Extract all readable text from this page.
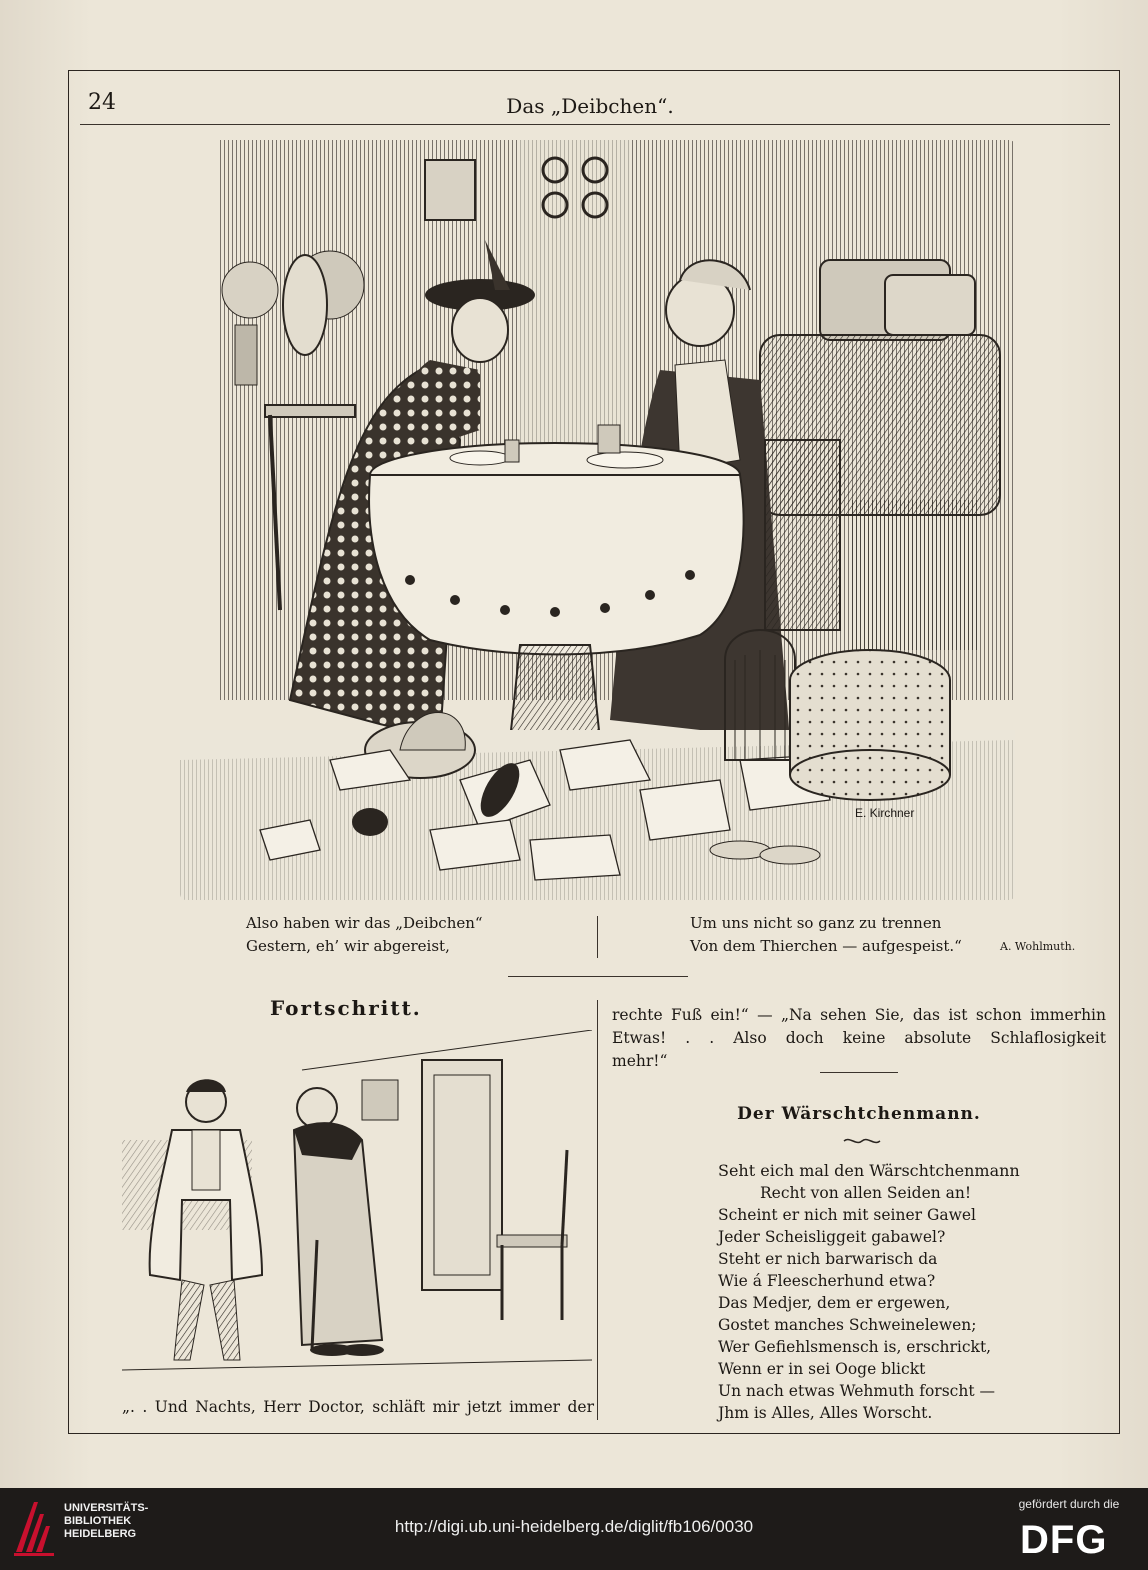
24	Das „Deibchen“.
E. Kirchner
Also haben wir das „Deibchen“
Gestern, eh’ wir abgereist,
Um uns nicht so ganz zu trennen
Von dem Thierchen — aufgespeist.“	A. Wohlmuth.
Fortschritt.
„. . Und Nachts, Herr Doctor, schläft mir jetzt immer der
rechte Fuß ein!“ — „Na sehen Sie, das ist schon immerhin
Etwas! . . Also doch keine absolute Schlaflosigkeit
mehr!“
Der Wärschtchenmann.
Seht eich mal den Wärschtchenmann
Recht von allen Seiden an!
Scheint er nich mit seiner Gawel
Jeder Scheisliggeit gabawel?
Steht er nich barwarisch da
Wie á Fleescherhund etwa?
Das Medjer, dem er ergewen,
Gostet manches Schweinelewen;
Wer Gefiehlsmensch is, erschrickt,
Wenn er in sei Ooge blickt
Un nach etwas Wehmuth forscht —
Jhm is Alles, Alles Worscht.
UNIVERSITÄTS-
BIBLIOTHEK
HEIDELBERG	http://digi.ub.uni-heidelberg.de/diglit/fb106/0030
gefördert durch die
DFG
